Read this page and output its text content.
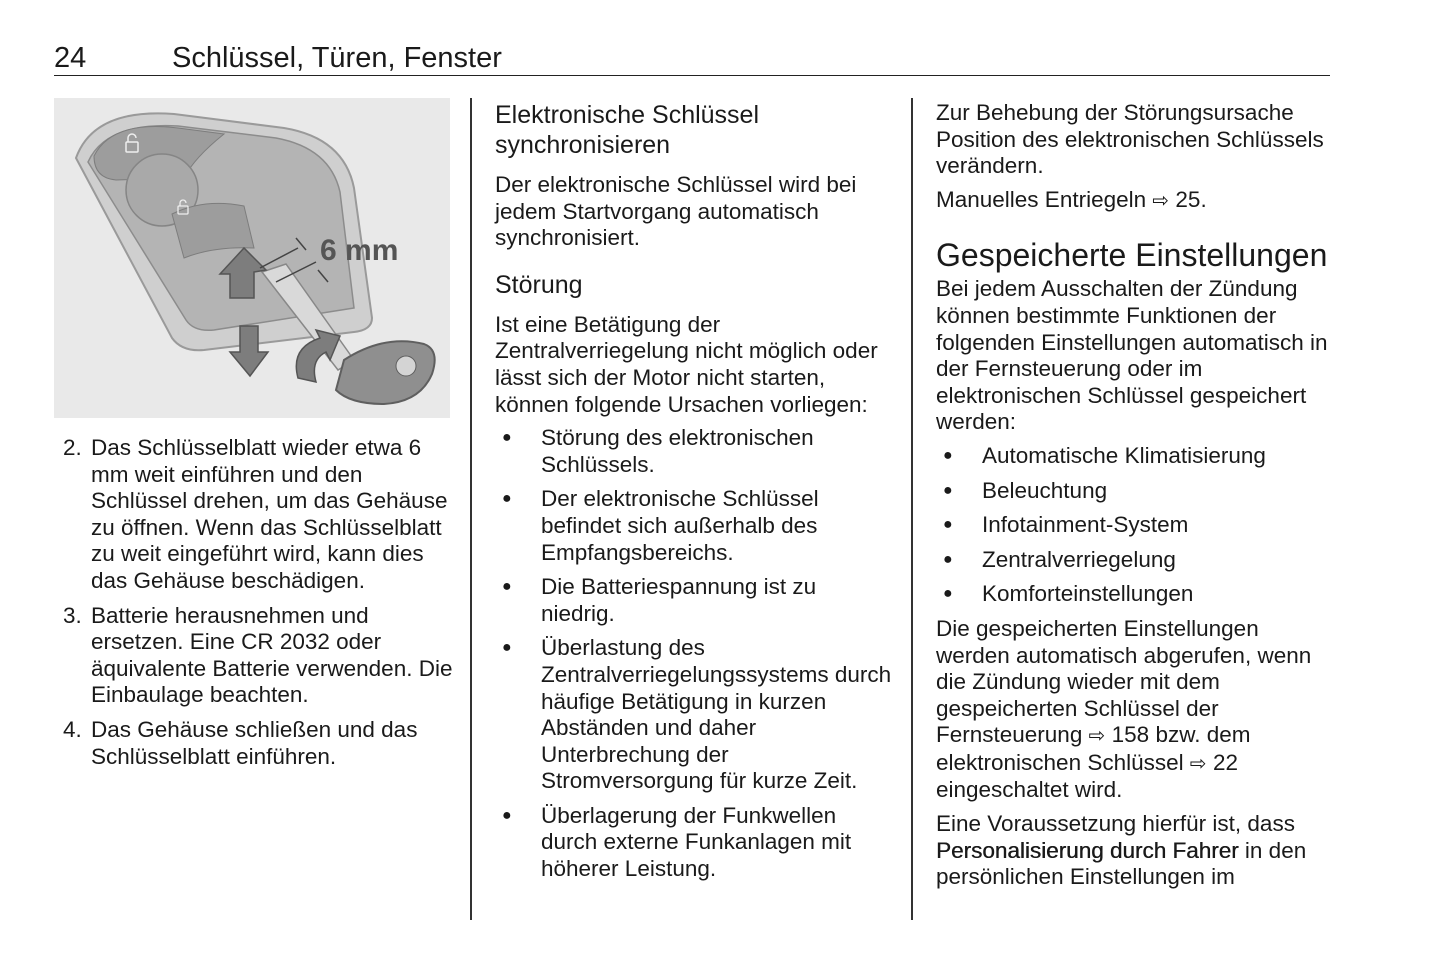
24	Schlüssel, Türen, Fenster
6 mm
2. Das Schlüsselblatt wieder etwa 6 mm weit einführen und den Schlüssel drehen, um das Gehäuse zu öffnen. Wenn das Schlüsselblatt zu weit eingeführt wird, kann dies das Gehäuse beschädigen.
3. Batterie herausnehmen und ersetzen. Eine CR 2032 oder äquivalente Batterie verwenden. Die Einbaulage beachten.
4. Das Gehäuse schließen und das Schlüsselblatt einführen.
Elektronische Schlüssel synchronisieren

Der elektronische Schlüssel wird bei jedem Startvorgang automatisch synchronisiert.

Störung

Ist eine Betätigung der Zentralverriegelung nicht möglich oder lässt sich der Motor nicht starten, können folgende Ursachen vorliegen:

● Störung des elektronischen Schlüssels.
● Der elektronische Schlüssel befindet sich außerhalb des Empfangsbereichs.
● Die Batteriespannung ist zu niedrig.
● Überlastung des Zentralverriegelungssystems durch häufige Betätigung in kurzen Abständen und daher Unterbrechung der Stromversorgung für kurze Zeit.
● Überlagerung der Funkwellen durch externe Funkanlagen mit höherer Leistung.

Zur Behebung der Störungsursache Position des elektronischen Schlüssels verändern.

Manuelles Entriegeln ⇨ 25.

Gespeicherte Einstellungen

Bei jedem Ausschalten der Zündung können bestimmte Funktionen der folgenden Einstellungen automatisch in der Fernsteuerung oder im elektronischen Schlüssel gespeichert werden:

● Automatische Klimatisierung
● Beleuchtung
● Infotainment-System
● Zentralverriegelung
● Komforteinstellungen

Die gespeicherten Einstellungen werden automatisch abgerufen, wenn die Zündung wieder mit dem gespeicherten Schlüssel der Fernsteuerung ⇨ 158 bzw. dem elektronischen Schlüssel ⇨ 22 eingeschaltet wird.

Eine Voraussetzung hierfür ist, dass Personalisierung durch Fahrer in den persönlichen Einstellungen im
